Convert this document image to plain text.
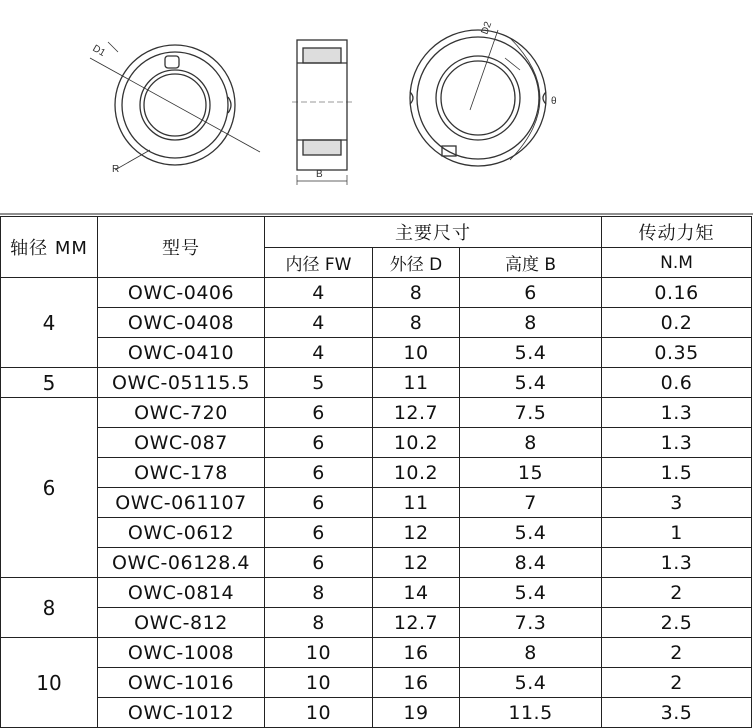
D1
R	B
D2
θ
轴径 MM	型号	主要尺寸			传动力矩
		内径 FW	外径 D	高度 B	N.M
4	OWC-0406	4	8	6	0.16
	OWC-0408	4	8	8	0.2
	OWC-0410	4	10	5.4	0.35
5	OWC-05115.5	5	11	5.4	0.6
6	OWC-720	6	12.7	7.5	1.3
	OWC-087	6	10.2	8	1.3
	OWC-178	6	10.2	15	1.5
	OWC-061107	6	11	7	3
	OWC-0612	6	12	5.4	1
	OWC-06128.4	6	12	8.4	1.3
8	OWC-0814	8	14	5.4	2
	OWC-812	8	12.7	7.3	2.5
10	OWC-1008	10	16	8	2
	OWC-1016	10	16	5.4	2
	OWC-1012	10	19	11.5	3.5
